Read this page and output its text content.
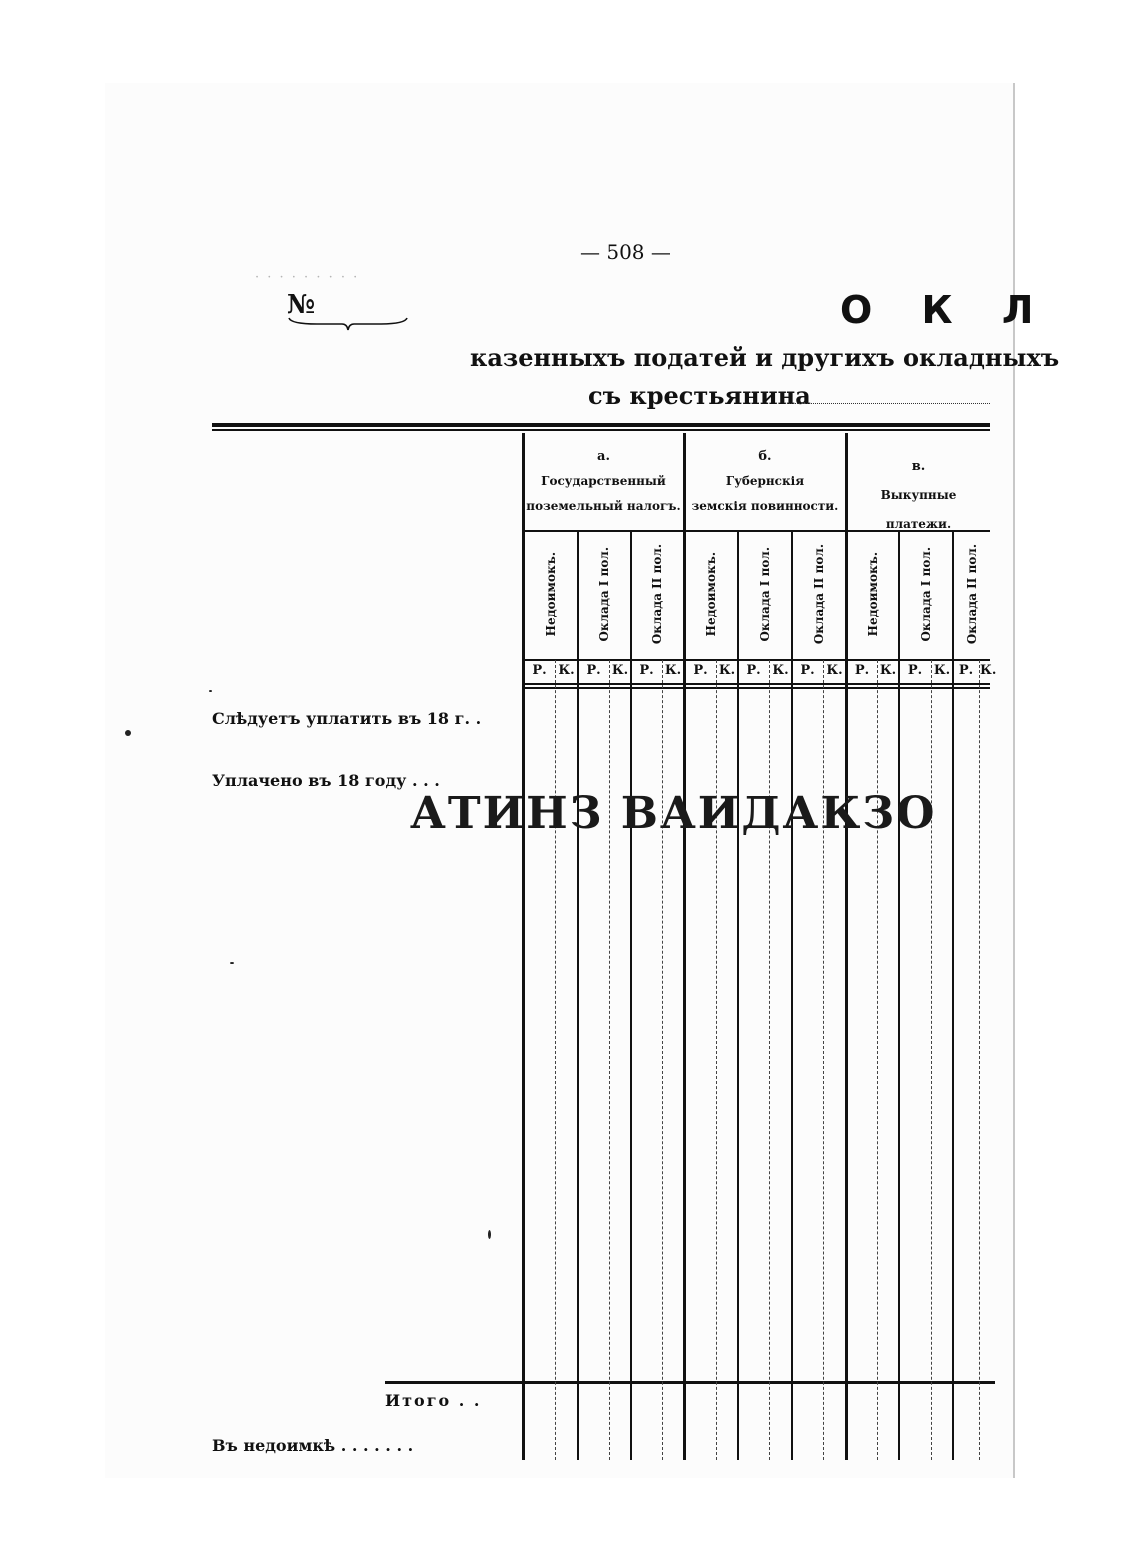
— 508 —
· · · · · · · · ·
№	О К Л
казенныхъ податей и другихъ окладныхъ
съ крестьянина
а.
Государственный
поземельный налогъ.
б.
Губернскія
земскія повинности.
в.
Выкупные платежи.
Недоимокъ.	Оклада I пол.	Оклада II пол.	Недоимокъ.	Оклада I пол.	Оклада II пол.	Недоимокъ.	Оклада I пол.	Оклада II пол.
Р. К. Р. К. Р. К. Р. К. Р. К. Р. К. Р. К. Р. К. Р. К.
Слѣдуетъ уплатить въ 18 г. .
Уплачено въ 18 году . . .
Итого . .
Въ недоимкѣ . . . . . . .
АТИНЗ ВАИДАКЗО
